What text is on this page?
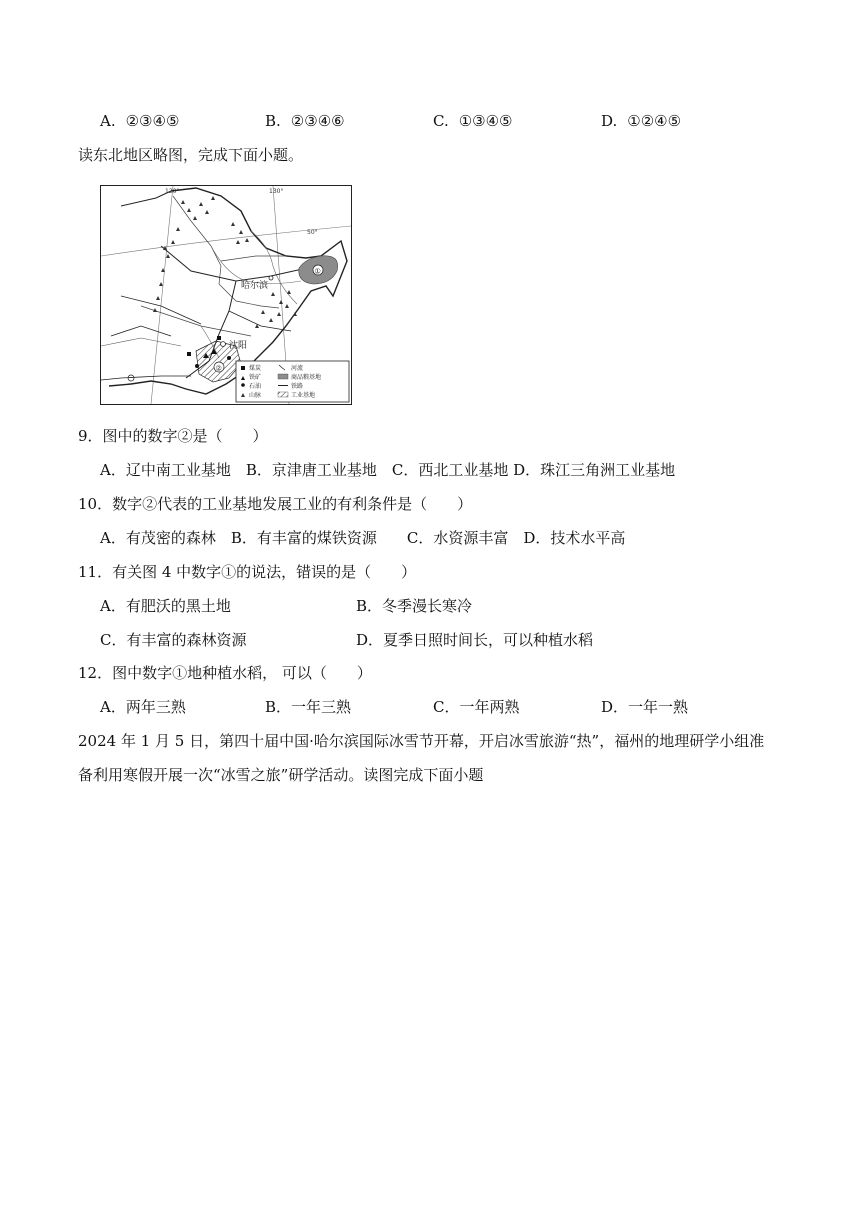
A. ②③④⑤	B. ②③④⑥	C. ①③④⑤	D. ①②④⑤
读东北地区略图，完成下面小题。
120°	130°
50°
①
哈尔滨
②
沈阳
煤炭
铁矿
石油
山脉
河流
商品粮基地
铁路
工业基地
9．图中的数字②是（　　）
A．辽中南工业基地　B．京津唐工业基地　C．西北工业基地 D．珠江三角洲工业基地
10．数字②代表的工业基地发展工业的有利条件是（　　）
A．有茂密的森林　B．有丰富的煤铁资源　　C．水资源丰富　D．技术水平高
11．有关图 4 中数字①的说法，错误的是（　　）
A．有肥沃的黑土地	B．冬季漫长寒冷
C．有丰富的森林资源	D．夏季日照时间长，可以种植水稻
12．图中数字①地种植水稻， 可以（　　）
A．两年三熟	B．一年三熟	C．一年两熟	D．一年一熟
2024 年 1 月 5 日，第四十届中国·哈尔滨国际冰雪节开幕，开启冰雪旅游“热”，福州的地理研学小组准
备利用寒假开展一次“冰雪之旅”研学活动。读图完成下面小题
